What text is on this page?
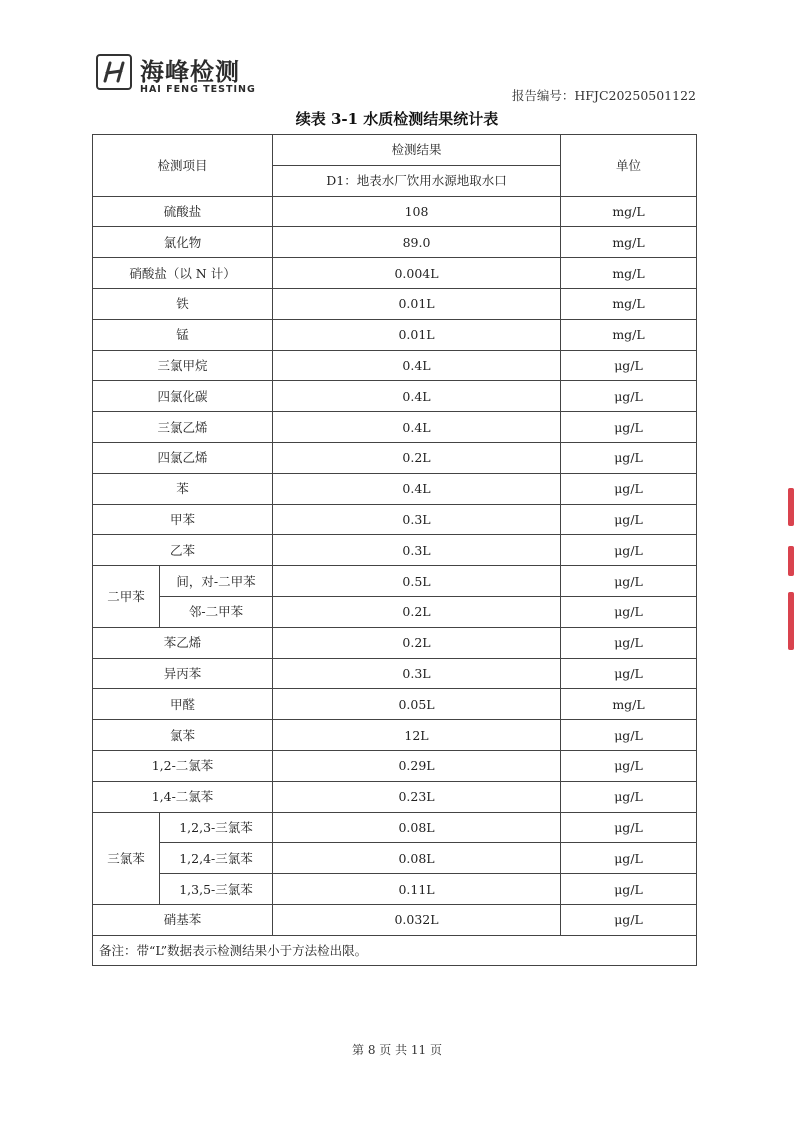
海峰检测
HAI FENG TESTING	报告编号：HFJC20250501122
续表 3-1 水质检测结果统计表
检测项目		检测结果	单位
		D1：地表水厂饮用水源地取水口	
硫酸盐		108	mg/L
氯化物		89.0	mg/L
硝酸盐（以 N 计）		0.004L	mg/L
铁		0.01L	mg/L
锰		0.01L	mg/L
三氯甲烷		0.4L	μg/L
四氯化碳		0.4L	μg/L
三氯乙烯		0.4L	μg/L
四氯乙烯		0.2L	μg/L
苯		0.4L	μg/L
甲苯		0.3L	μg/L
乙苯		0.3L	μg/L
二甲苯	间，对-二甲苯	0.5L	μg/L
	邻-二甲苯	0.2L	μg/L
苯乙烯		0.2L	μg/L
异丙苯		0.3L	μg/L
甲醛		0.05L	mg/L
氯苯		12L	μg/L
1,2-二氯苯		0.29L	μg/L
1,4-二氯苯		0.23L	μg/L
三氯苯	1,2,3-三氯苯	0.08L	μg/L
	1,2,4-三氯苯	0.08L	μg/L
	1,3,5-三氯苯	0.11L	μg/L
硝基苯		0.032L	μg/L
备注：带“L”数据表示检测结果小于方法检出限。			
第 8 页 共 11 页
